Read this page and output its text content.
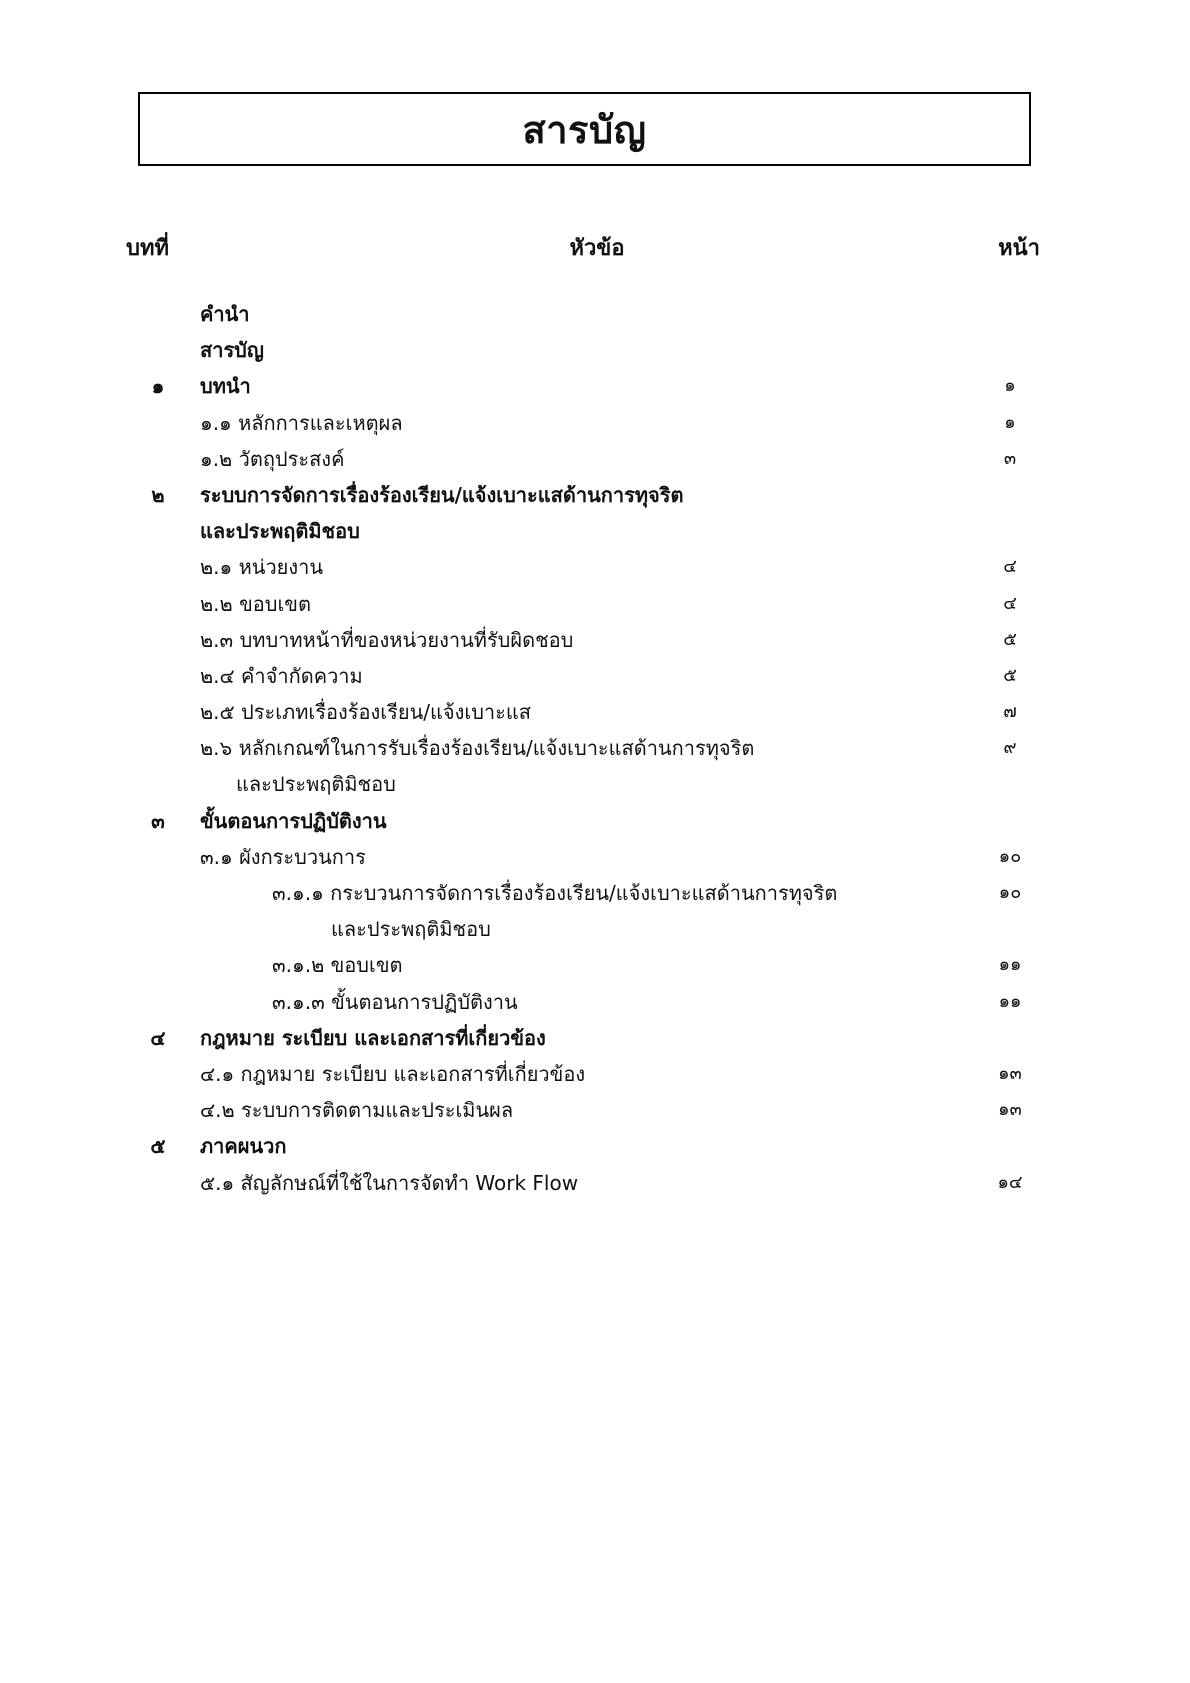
สารบัญ
บทที่	หัวข้อ	หน้า
คำนำ
สารบัญ
๑	บทนำ	๑
๑.๑ หลักการและเหตุผล	๑
๑.๒ วัตถุประสงค์	๓
๒	ระบบการจัดการเรื่องร้องเรียน/แจ้งเบาะแสด้านการทุจริต
และประพฤติมิชอบ
๒.๑ หน่วยงาน	๔
๒.๒ ขอบเขต	๔
๒.๓ บทบาทหน้าที่ของหน่วยงานที่รับผิดชอบ	๕
๒.๔ คำจำกัดความ	๕
๒.๕ ประเภทเรื่องร้องเรียน/แจ้งเบาะแส	๗
๒.๖ หลักเกณฑ์ในการรับเรื่องร้องเรียน/แจ้งเบาะแสด้านการทุจริต	๙
และประพฤติมิชอบ
๓	ขั้นตอนการปฏิบัติงาน
๓.๑ ผังกระบวนการ	๑๐
๓.๑.๑ กระบวนการจัดการเรื่องร้องเรียน/แจ้งเบาะแสด้านการทุจริต	๑๐
และประพฤติมิชอบ
๓.๑.๒ ขอบเขต	๑๑
๓.๑.๓ ขั้นตอนการปฏิบัติงาน	๑๑
๔	กฎหมาย ระเบียบ และเอกสารที่เกี่ยวข้อง
๔.๑ กฎหมาย ระเบียบ และเอกสารที่เกี่ยวข้อง	๑๓
๔.๒ ระบบการติดตามและประเมินผล	๑๓
๕	ภาคผนวก
๕.๑ สัญลักษณ์ที่ใช้ในการจัดทำ Work Flow	๑๔
